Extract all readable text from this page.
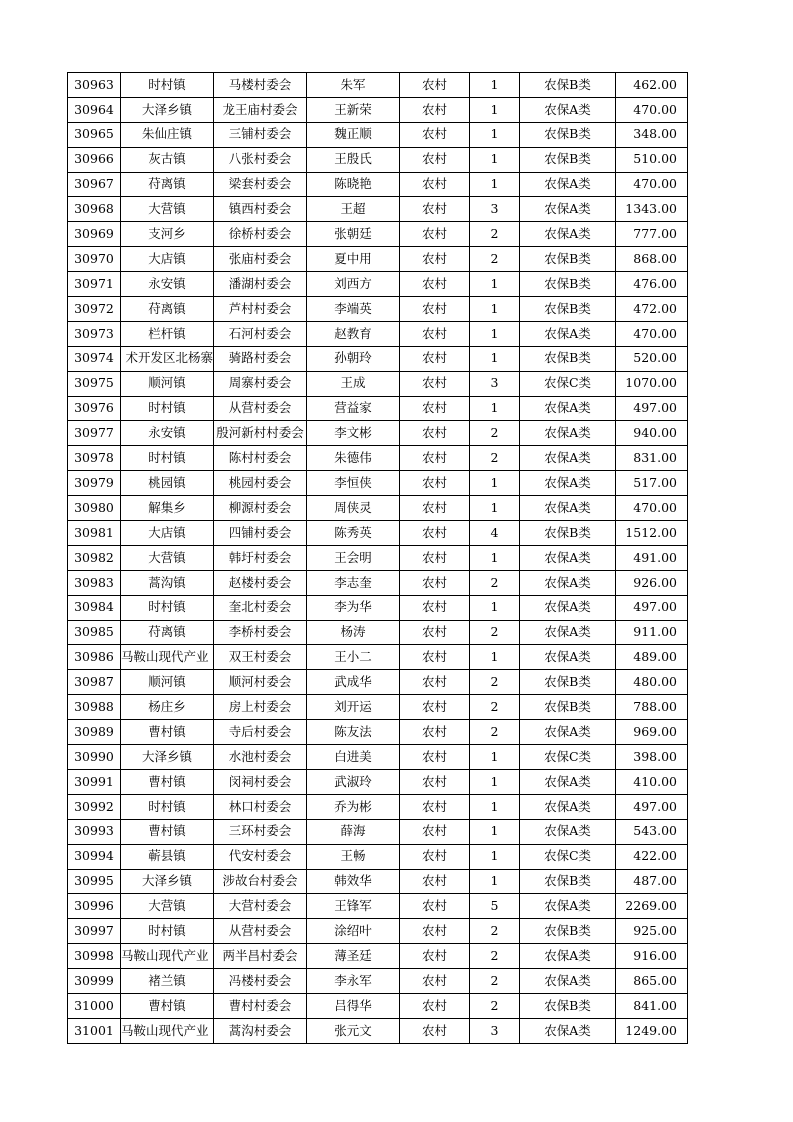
30963	时村镇	马楼村委会	朱军	农村	1	农保B类	462.00
30964	大泽乡镇	龙王庙村委会	王新荣	农村	1	农保A类	470.00
30965	朱仙庄镇	三铺村委会	魏正顺	农村	1	农保B类	348.00
30966	灰古镇	八张村委会	王殷氏	农村	1	农保B类	510.00
30967	苻离镇	梁套村委会	陈晓艳	农村	1	农保A类	470.00
30968	大营镇	镇西村委会	王超	农村	3	农保A类	1343.00
30969	支河乡	徐桥村委会	张朝廷	农村	2	农保A类	777.00
30970	大店镇	张庙村委会	夏中用	农村	2	农保B类	868.00
30971	永安镇	潘湖村委会	刘西方	农村	1	农保B类	476.00
30972	苻离镇	芦村村委会	李端英	农村	1	农保B类	472.00
30973	栏杆镇	石河村委会	赵教育	农村	1	农保A类	470.00
30974	术开发区北杨寨	骑路村委会	孙朝玲	农村	1	农保B类	520.00
30975	顺河镇	周寨村委会	王成	农村	3	农保C类	1070.00
30976	时村镇	从营村委会	营益家	农村	1	农保A类	497.00
30977	永安镇	殷河新村村委会	李文彬	农村	2	农保A类	940.00
30978	时村镇	陈村村委会	朱德伟	农村	2	农保A类	831.00
30979	桃园镇	桃园村委会	李恒侠	农村	1	农保A类	517.00
30980	解集乡	柳源村委会	周侠灵	农村	1	农保A类	470.00
30981	大店镇	四铺村委会	陈秀英	农村	4	农保B类	1512.00
30982	大营镇	韩圩村委会	王会明	农村	1	农保A类	491.00
30983	蒿沟镇	赵楼村委会	李志奎	农村	2	农保A类	926.00
30984	时村镇	奎北村委会	李为华	农村	1	农保A类	497.00
30985	苻离镇	李桥村委会	杨涛	农村	2	农保A类	911.00
30986	马鞍山现代产业	双王村委会	王小二	农村	1	农保A类	489.00
30987	顺河镇	顺河村委会	武成华	农村	2	农保B类	480.00
30988	杨庄乡	房上村委会	刘开运	农村	2	农保B类	788.00
30989	曹村镇	寺后村委会	陈友法	农村	2	农保A类	969.00
30990	大泽乡镇	水池村委会	白进美	农村	1	农保C类	398.00
30991	曹村镇	闵祠村委会	武淑玲	农村	1	农保A类	410.00
30992	时村镇	林口村委会	乔为彬	农村	1	农保A类	497.00
30993	曹村镇	三环村委会	薛海	农村	1	农保A类	543.00
30994	蕲县镇	代安村委会	王畅	农村	1	农保C类	422.00
30995	大泽乡镇	涉故台村委会	韩效华	农村	1	农保B类	487.00
30996	大营镇	大营村委会	王锋军	农村	5	农保A类	2269.00
30997	时村镇	从营村委会	涂绍叶	农村	2	农保B类	925.00
30998	马鞍山现代产业	两半昌村委会	薄圣廷	农村	2	农保A类	916.00
30999	褚兰镇	冯楼村委会	李永军	农村	2	农保A类	865.00
31000	曹村镇	曹村村委会	吕得华	农村	2	农保B类	841.00
31001	马鞍山现代产业	蒿沟村委会	张元文	农村	3	农保A类	1249.00
